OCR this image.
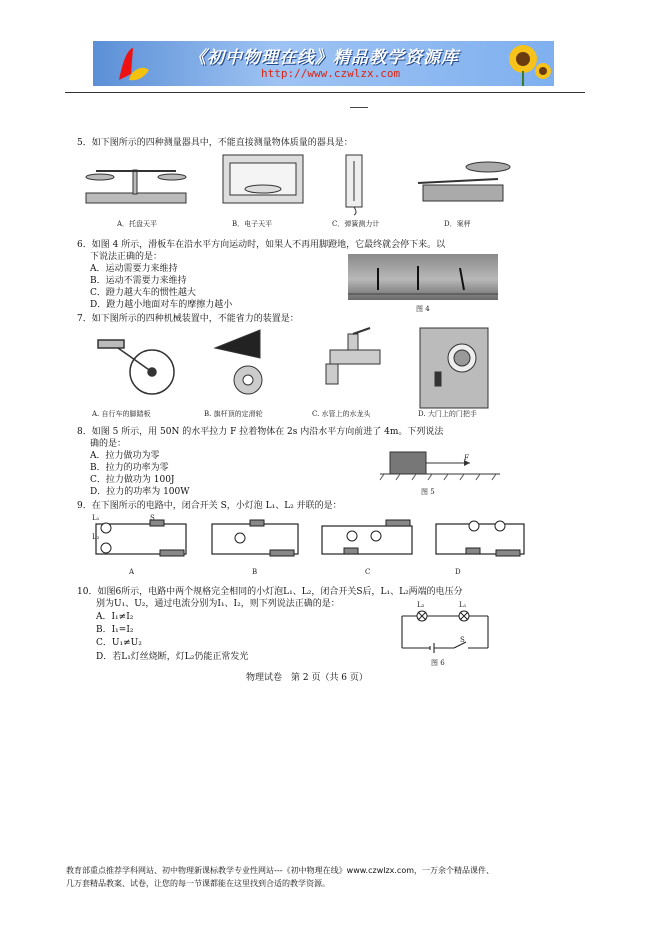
《初中物理在线》精品教学资源库
http://www.czwlzx.com
5．如下图所示的四种测量器具中，不能直接测量物体质量的器具是：
A．托盘天平	B．电子天平	C．弹簧测力计	D．案秤
6．如图 4 所示，滑板车在沿水平方向运动时，如果人不再用脚蹬地，它最终就会停下来。以
下说法正确的是：
A．运动需要力来维持
B．运动不需要力来维持
C．蹬力越大车的惯性越大
D．蹬力越小地面对车的摩擦力越小	图 4
7．如下图所示的四种机械装置中，不能省力的装置是：
A. 自行车的脚踏板	B. 旗杆顶的定滑轮	C. 水管上的水龙头	D. 大门上的门把手
8．如图 5 所示，用 50N 的水平拉力 F 拉着物体在 2s 内沿水平方向前进了 4m。下列说法
确的是：
A．拉力做功为零
B．拉力的功率为零
C．拉力做功为 100J
D．拉力的功率为 100W
F
图 5
9．在下图所示的电路中，闭合开关 S，小灯泡 L₁、L₂ 并联的是：
L₁
L₂
S
A	B	C	D
10．如图6所示，电路中两个规格完全相同的小灯泡L₁、L₂，闭合开关S后，L₁、L₂两端的电压分
别为U₁、U₂，通过电流分别为I₁、I₂，则下列说法正确的是：
A．I₁≠I₂
B．I₁=I₂
C．U₁≠U₂
D．若L₁灯丝烧断，灯L₂仍能正常发光
L₂	L₁
S
图 6
物理试卷　第 2 页（共 6 页）
教育部重点推荐学科网站、初中物理新课标教学专业性网站---《初中物理在线》www.czwlzx.com，一万余个精品课件、
几万套精品教案、试卷，让您的每一节课都能在这里找到合适的教学资源。
